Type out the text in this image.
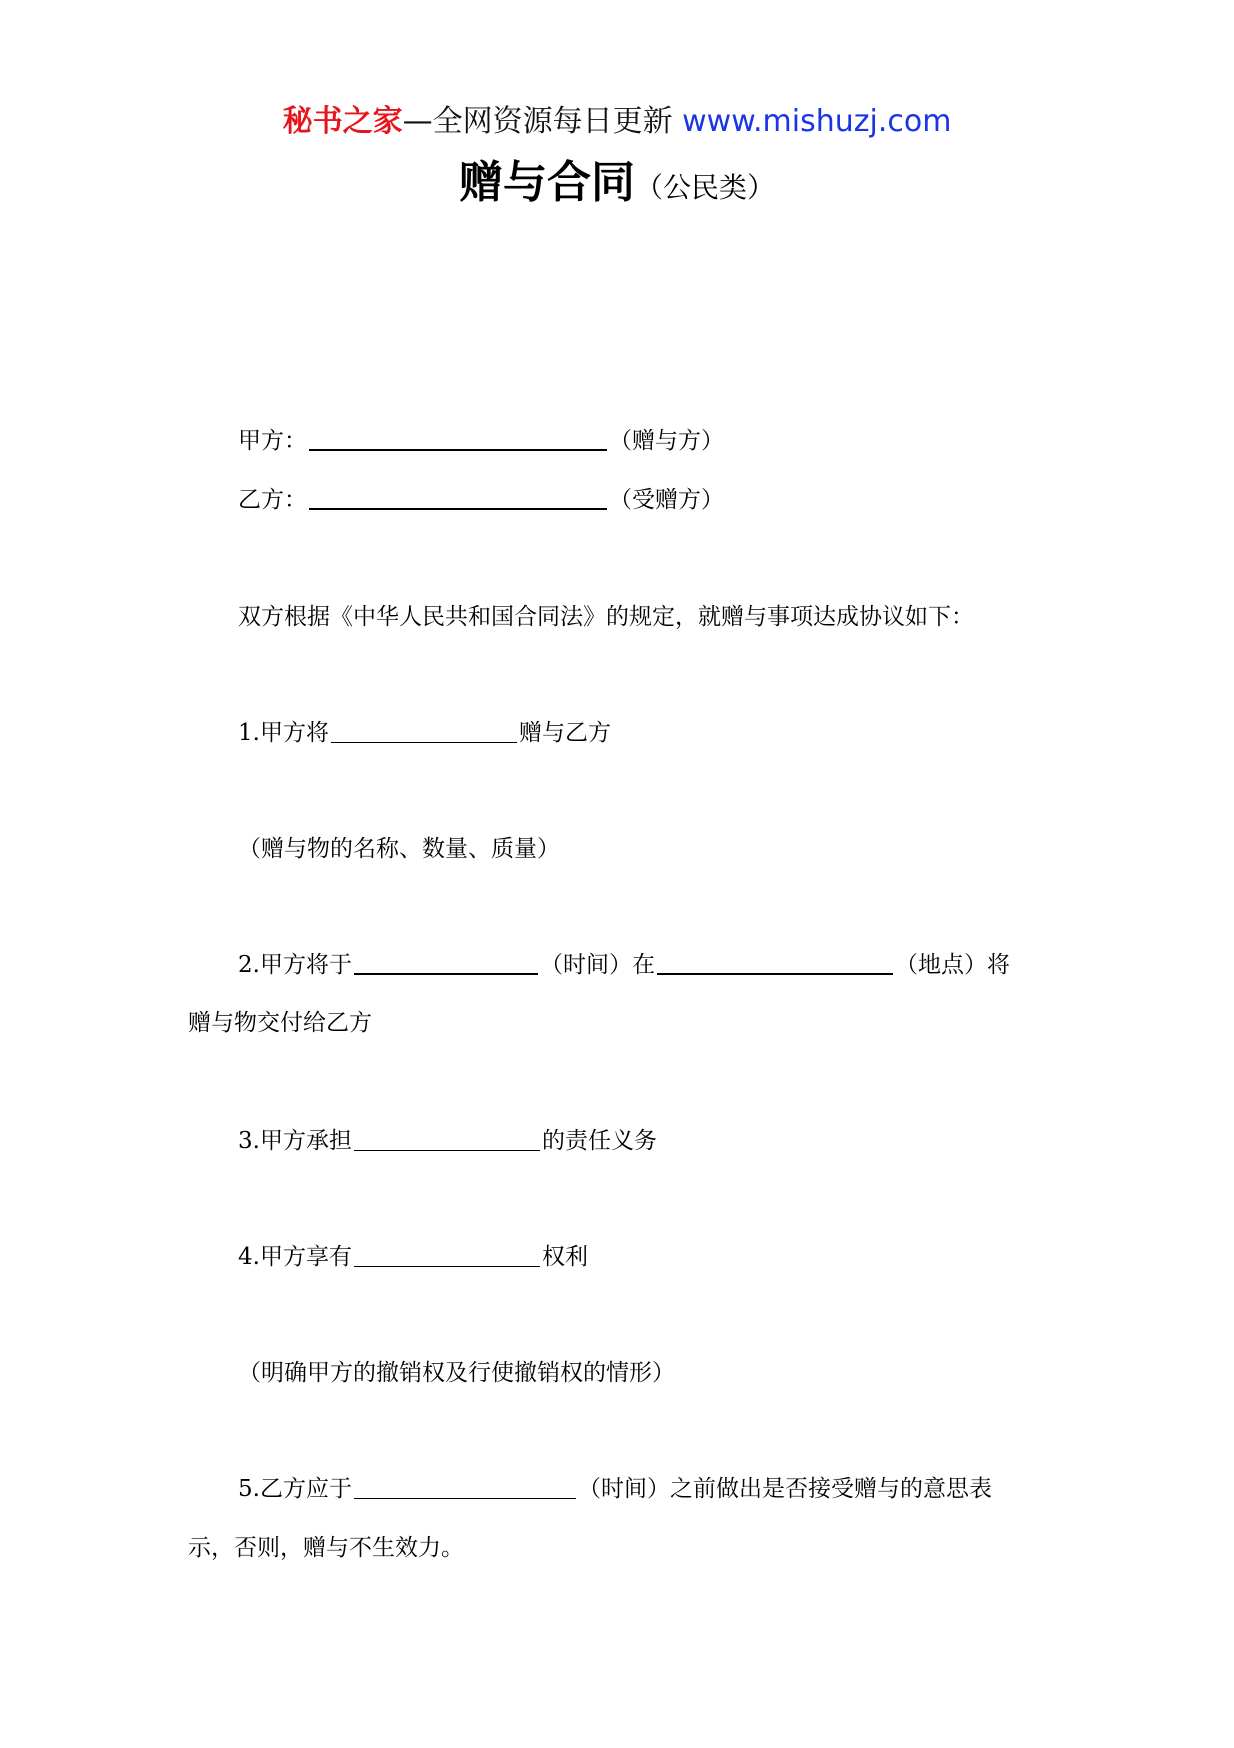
秘书之家—全网资源每日更新 www.mishuzj.com
赠与合同（公民类）
甲方：	（赠与方）
乙方：	（受赠方）
双方根据《中华人民共和国合同法》的规定，就赠与事项达成协议如下：
1.甲方将	赠与乙方
（赠与物的名称、数量、质量）
2.甲方将于	（时间）在	（地点）将
赠与物交付给乙方
3.甲方承担	的责任义务
4.甲方享有	权利
（明确甲方的撤销权及行使撤销权的情形）
5.乙方应于	（时间）之前做出是否接受赠与的意思表
示，否则，赠与不生效力。
